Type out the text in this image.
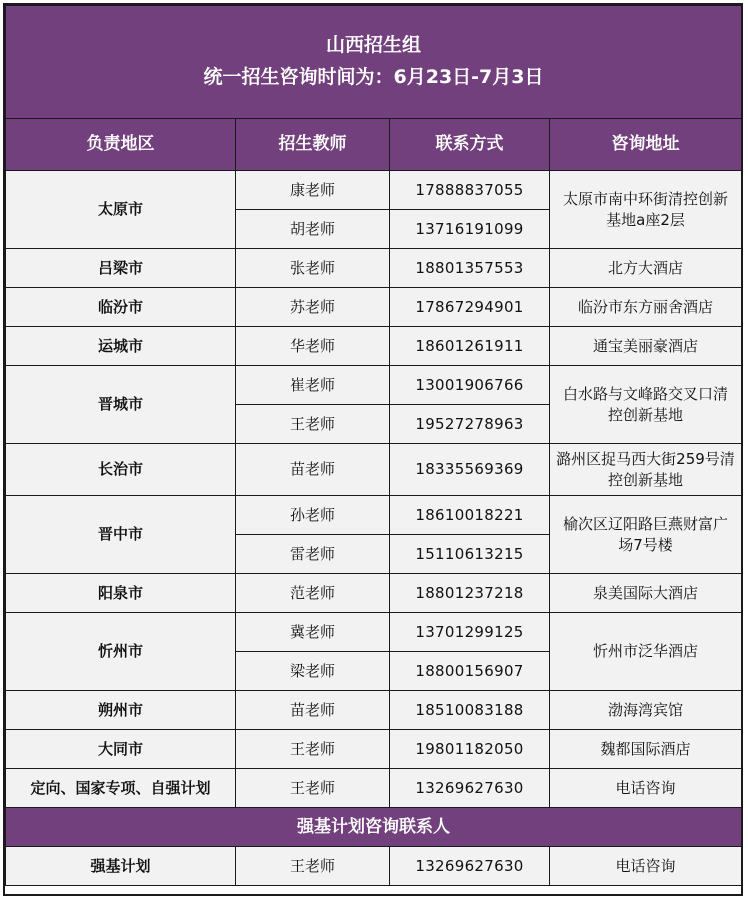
山西招生组
统一招生咨询时间为：6月23日-7月3日			

负责地区	招生教师	联系方式	咨询地址
太原市	康老师	17888837055	太原市南中环街清控创新基地a座2层
	胡老师	13716191099	
吕梁市	张老师	18801357553	北方大酒店
临汾市	苏老师	17867294901	临汾市东方丽舍酒店
运城市	华老师	18601261911	通宝美丽豪酒店
晋城市	崔老师	13001906766	白水路与文峰路交叉口清控创新基地
	王老师	19527278963	
长治市	苗老师	18335569369	潞州区捉马西大街259号清控创新基地
晋中市	孙老师	18610018221	榆次区辽阳路巨燕财富广场7号楼
	雷老师	15110613215	
阳泉市	范老师	18801237218	泉美国际大酒店
忻州市	冀老师	13701299125	忻州市泛华酒店
	梁老师	18800156907	
朔州市	苗老师	18510083188	渤海湾宾馆
大同市	王老师	19801182050	魏都国际酒店
定向、国家专项、自强计划	王老师	13269627630	电话咨询
强基计划咨询联系人			
强基计划	王老师	13269627630	电话咨询
